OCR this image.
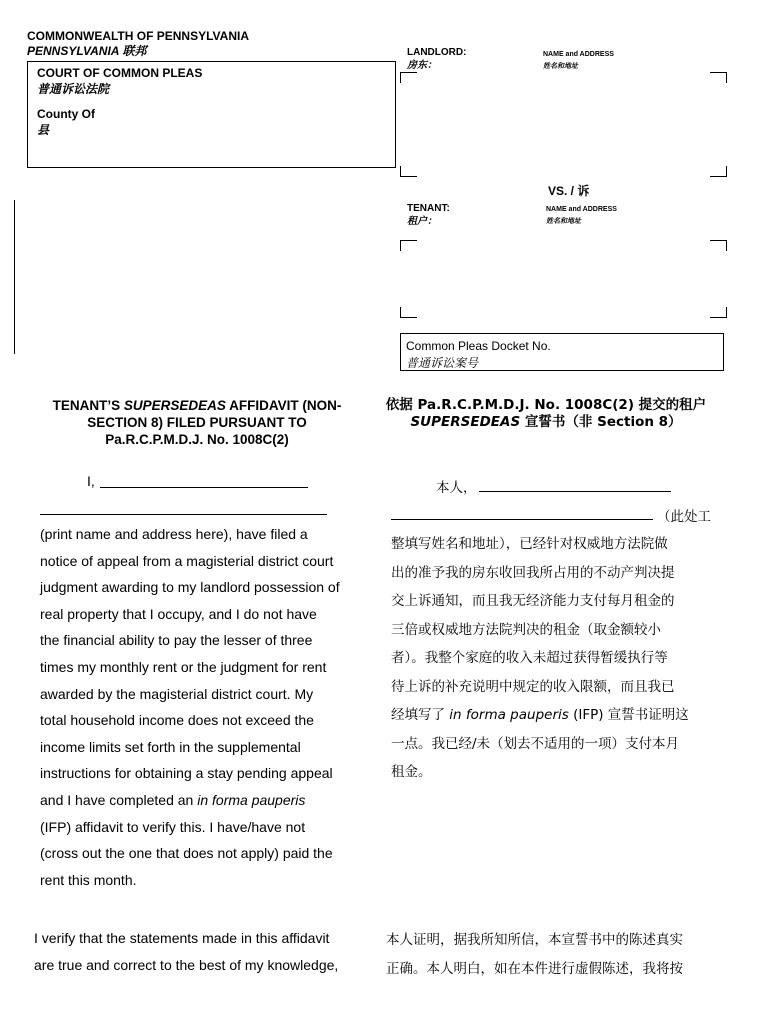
COMMONWEALTH OF PENNSYLVANIA
PENNSYLVANIA 联邦
COURT OF COMMON PLEAS
普通诉讼法院
County Of
县
LANDLORD:
房东：
NAME and ADDRESS
姓名和地址
VS. / 诉
TENANT:
租户：
NAME and ADDRESS
姓名和地址
Common Pleas Docket No.
普通诉讼案号
TENANT’S SUPERSEDEAS AFFIDAVIT (NON-
SECTION 8) FILED PURSUANT TO
Pa.R.C.P.M.D.J. No. 1008C(2)
依据 Pa.R.C.P.M.D.J. No. 1008C(2) 提交的租户
SUPERSEDEAS 宣誓书（非 Section 8）
I,
(print name and address here), have filed a
notice of appeal from a magisterial district court
judgment awarding to my landlord possession of
real property that I occupy, and I do not have
the financial ability to pay the lesser of three
times my monthly rent or the judgment for rent
awarded by the magisterial district court. My
total household income does not exceed the
income limits set forth in the supplemental
instructions for obtaining a stay pending appeal
and I have completed an in forma pauperis
(IFP) affidavit to verify this. I have/have not
(cross out the one that does not apply) paid the
rent this month.
I verify that the statements made in this affidavit
are true and correct to the best of my knowledge,
本人，
（此处工
整填写姓名和地址），已经针对权威地方法院做
出的准予我的房东收回我所占用的不动产判决提
交上诉通知，而且我无经济能力支付每月租金的
三倍或权威地方法院判决的租金（取金额较小
者）。我整个家庭的收入未超过获得暂缓执行等
待上诉的补充说明中规定的收入限额，而且我已
经填写了 in forma pauperis (IFP) 宣誓书证明这
一点。我已经/未（划去不适用的一项）支付本月
租金。
本人证明，据我所知所信，本宣誓书中的陈述真实
正确。本人明白，如在本件进行虚假陈述，我将按
